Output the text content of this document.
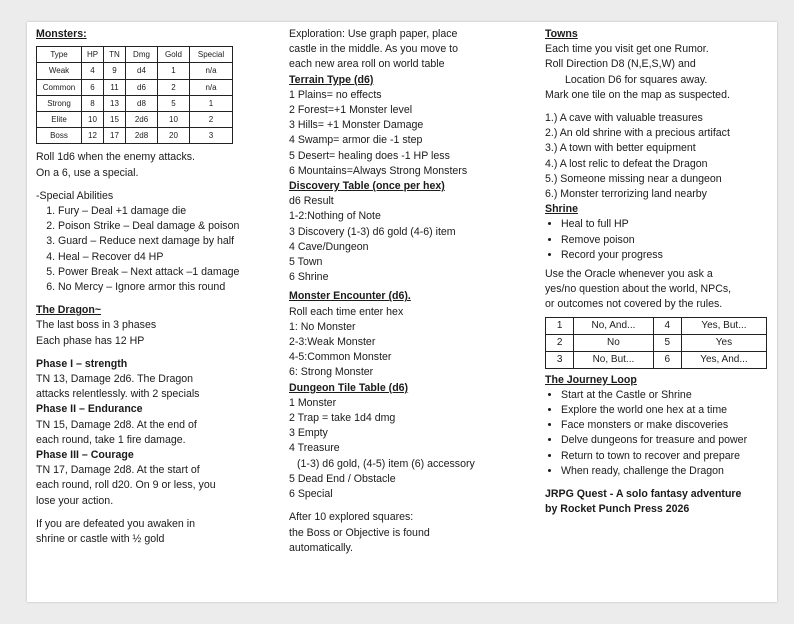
Monsters:
Type	HP	TN	Dmg	Gold	Special
Weak	4	9	d4	1	n/a
Common	6	11	d6	2	n/a
Strong	8	13	d8	5	1
Elite	10	15	2d6	10	2
Boss	12	17	2d8	20	3
Roll 1d6 when the enemy attacks.
On a 6, use a special.
-Special Abilities
1. Fury – Deal +1 damage die
2. Poison Strike – Deal damage & poison
3. Guard – Reduce next damage by half
4. Heal – Recover d4 HP
5. Power Break – Next attack –1 damage
6. No Mercy – Ignore armor this round
The Dragon~
The last boss in 3 phases
Each phase has 12 HP
Phase I – strength
TN 13, Damage 2d6. The Dragon
attacks relentlessly. with 2 specials
Phase II – Endurance
TN 15, Damage 2d8. At the end of
each round, take 1 fire damage.
Phase III – Courage
TN 17, Damage 2d8. At the start of
each round, roll d20. On 9 or less, you
lose your action.
If you are defeated you awaken in
shrine or castle with ½ gold
Exploration: Use graph paper, place
castle in the middle. As you move to
each new area roll on world table
Terrain Type (d6)
1 Plains= no effects
2 Forest=+1 Monster level
3 Hills= +1 Monster Damage
4 Swamp= armor die -1 step
5 Desert= healing does -1 HP less
6 Mountains=Always Strong Monsters
Discovery Table (once per hex)
d6 Result
1-2:Nothing of Note
3 Discovery (1-3) d6 gold (4-6) item
4 Cave/Dungeon
5 Town
6 Shrine
Monster Encounter (d6).
Roll each time enter hex
1: No Monster
2-3:Weak Monster
4-5:Common Monster
6: Strong Monster
Dungeon Tile Table (d6)
1 Monster
2 Trap = take 1d4 dmg
3 Empty
4 Treasure
(1-3) d6 gold, (4-5) item (6) accessory
5 Dead End / Obstacle
6 Special
After 10 explored squares:
the Boss or Objective is found
automatically.
Towns
Each time you visit get one Rumor.
Roll Direction D8 (N,E,S,W) and
Location D6 for squares away.
Mark one tile on the map as suspected.
1.) A cave with valuable treasures
2.) An old shrine with a precious artifact
3.) A town with better equipment
4.) A lost relic to defeat the Dragon
5.) Someone missing near a dungeon
6.) Monster terrorizing land nearby
Shrine
• Heal to full HP
• Remove poison
• Record your progress
Use the Oracle whenever you ask a
yes/no question about the world, NPCs,
or outcomes not covered by the rules.
1	No, And...	4	Yes, But...
2	No	5	Yes
3	No, But...	6	Yes, And...
The Journey Loop
• Start at the Castle or Shrine
• Explore the world one hex at a time
• Face monsters or make discoveries
• Delve dungeons for treasure and power
• Return to town to recover and prepare
• When ready, challenge the Dragon
JRPG Quest - A solo fantasy adventure
by Rocket Punch Press 2026
